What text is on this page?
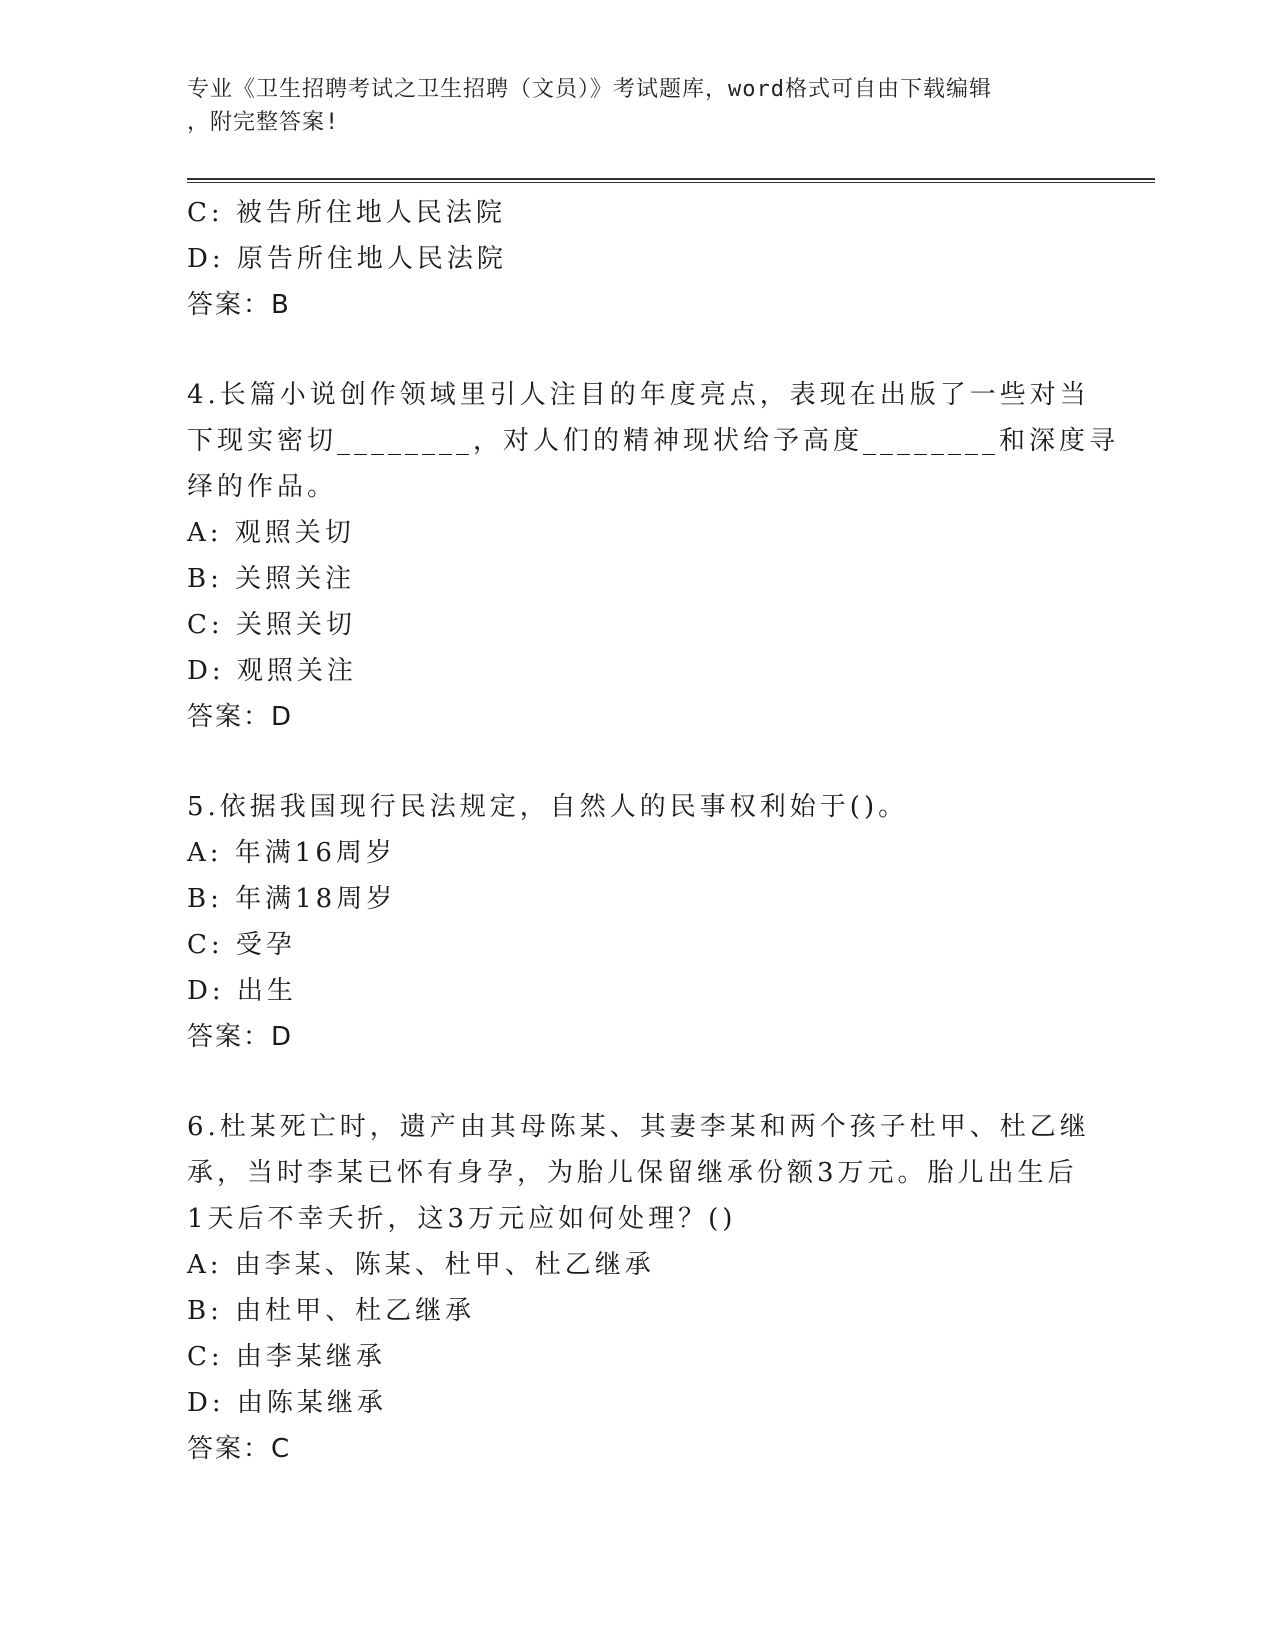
专业《卫生招聘考试之卫生招聘（文员）》考试题库，word格式可自由下载编辑
，附完整答案!
C: 被告所住地人民法院
D: 原告所住地人民法院
答案：B
4.长篇小说创作领域里引人注目的年度亮点，表现在出版了一些对当
下现实密切________，对人们的精神现状给予高度________和深度寻
绎的作品。
A: 观照关切
B: 关照关注
C: 关照关切
D: 观照关注
答案：D
5.依据我国现行民法规定，自然人的民事权利始于()。
A: 年满16周岁
B: 年满18周岁
C: 受孕
D: 出生
答案：D
6.杜某死亡时，遗产由其母陈某、其妻李某和两个孩子杜甲、杜乙继
承，当时李某已怀有身孕，为胎儿保留继承份额3万元。胎儿出生后
1天后不幸夭折，这3万元应如何处理？()
A: 由李某、陈某、杜甲、杜乙继承
B: 由杜甲、杜乙继承
C: 由李某继承
D: 由陈某继承
答案：C
